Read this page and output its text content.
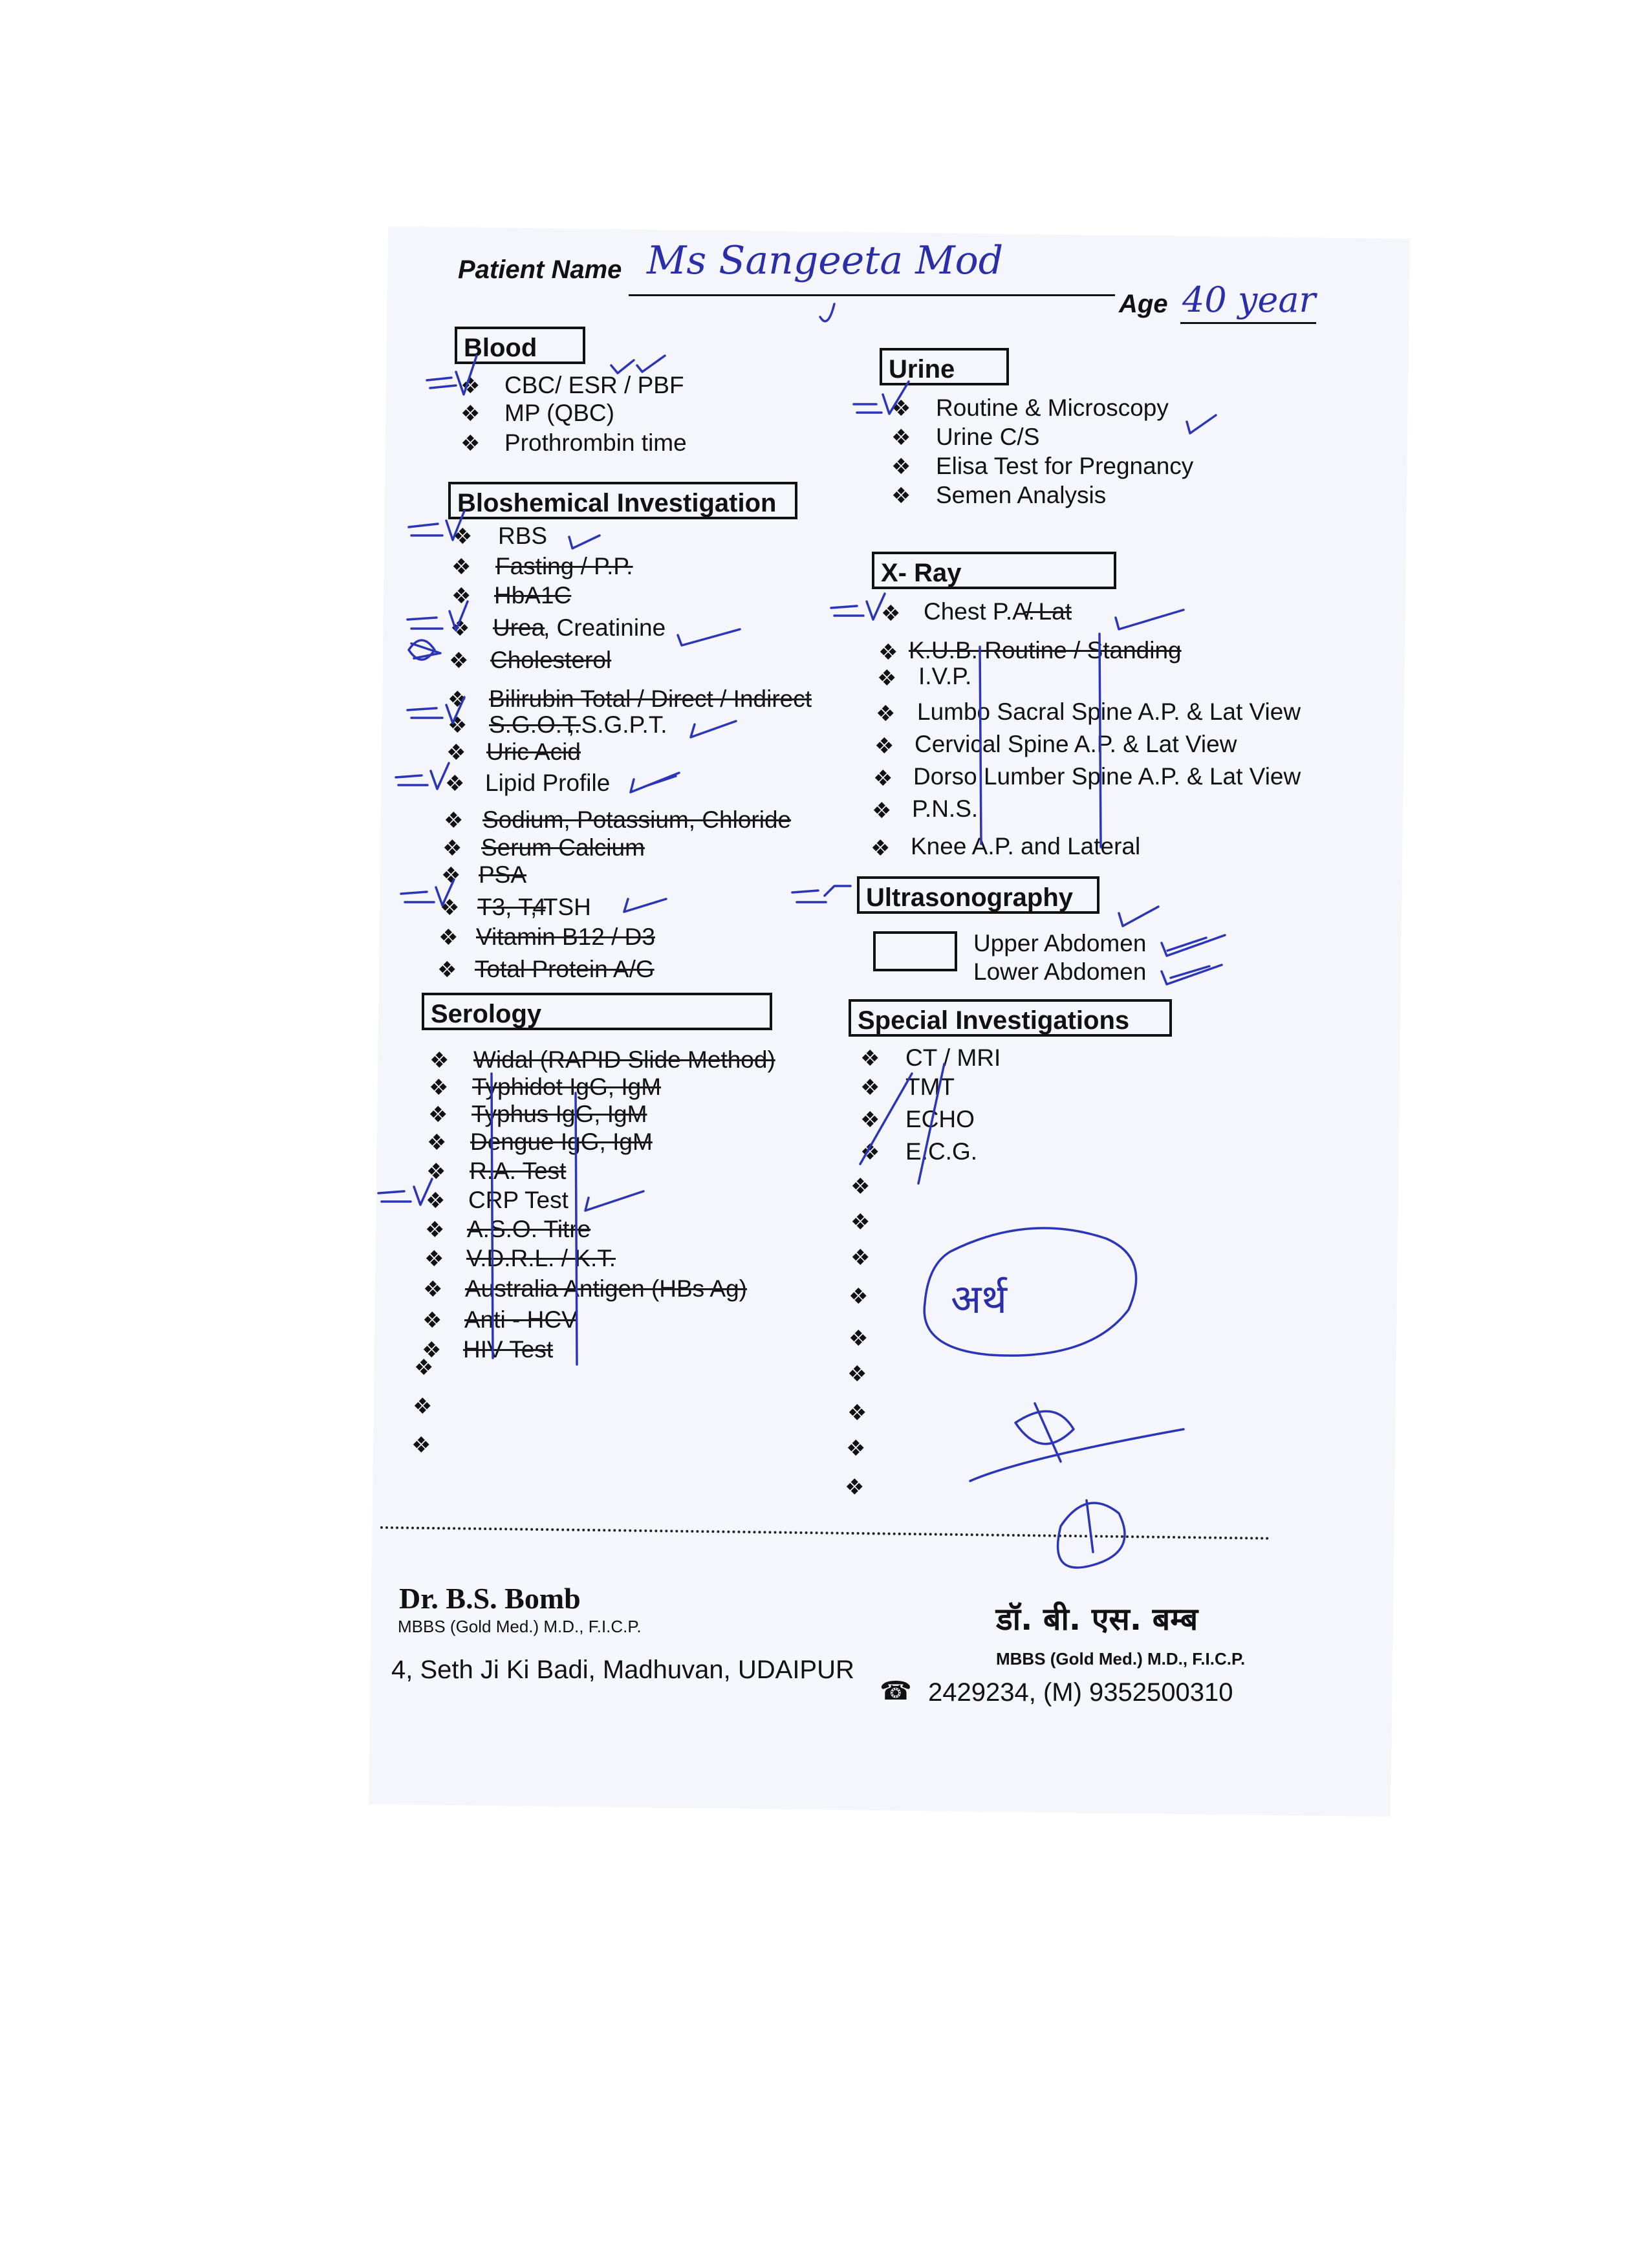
Patient Name Ms Sangeeta Mod
Age 40 year
Blood
❖ CBC/ ESR / PBF
❖ MP (QBC)
❖ Prothrombin time
Bloshemical Investigation
❖ RBS
❖ Fasting / P.P.
❖ HbA1C
❖ Urea
, Creatinine
❖ Cholesterol
❖ Bilirubin Total / Direct / Indirect
❖ S.G.O.T.
, S.G.P.T.
❖ Uric Acid
❖ Lipid Profile
❖ Sodium, Potassium, Chloride
❖ Serum Calcium
❖ PSA
❖ T3, T4
, TSH
❖ Vitamin B12 / D3
❖ Total Protein A/G
Serology
❖ Widal (RAPID Slide Method)
❖ Typhidot IgG, IgM
❖ Typhus IgG, IgM
❖ Dengue IgG, IgM
❖ R.A. Test
❖ CRP Test
❖ A.S.O. Titre
❖ V.D.R.L. / K.T.
❖ Australia Antigen (HBs Ag)
❖ Anti - HCV
❖ HIV Test
Urine
❖ Routine & Microscopy
❖ Urine C/S
❖ Elisa Test for Pregnancy
❖ Semen Analysis
X- Ray
❖ Chest P.A.
/ Lat
❖ K.U.B. Routine / Standing
❖ I.V.P.
❖ Lumbo Sacral Spine A.P. & Lat View
❖ Cervical Spine A.P. & Lat View
❖ Dorso Lumber Spine A.P. & Lat View
❖ P.N.S.
❖ Knee A.P. and Lateral
Ultrasonography
Upper Abdomen
Lower Abdomen
Special Investigations
❖ CT / MRI
❖ TMT
❖ ECHO
❖ E.C.G.
❖
❖
❖
❖
❖
❖
❖
❖
❖
❖
❖
❖
अर्थ
Dr. B.S. Bomb
MBBS (Gold Med.) M.D., F.I.C.P.	डॉ. बी. एस. बम्ब
MBBS (Gold Med.) M.D., F.I.C.P.
4, Seth Ji Ki Badi, Madhuvan, UDAIPUR
☎ 2429234, (M) 9352500310
